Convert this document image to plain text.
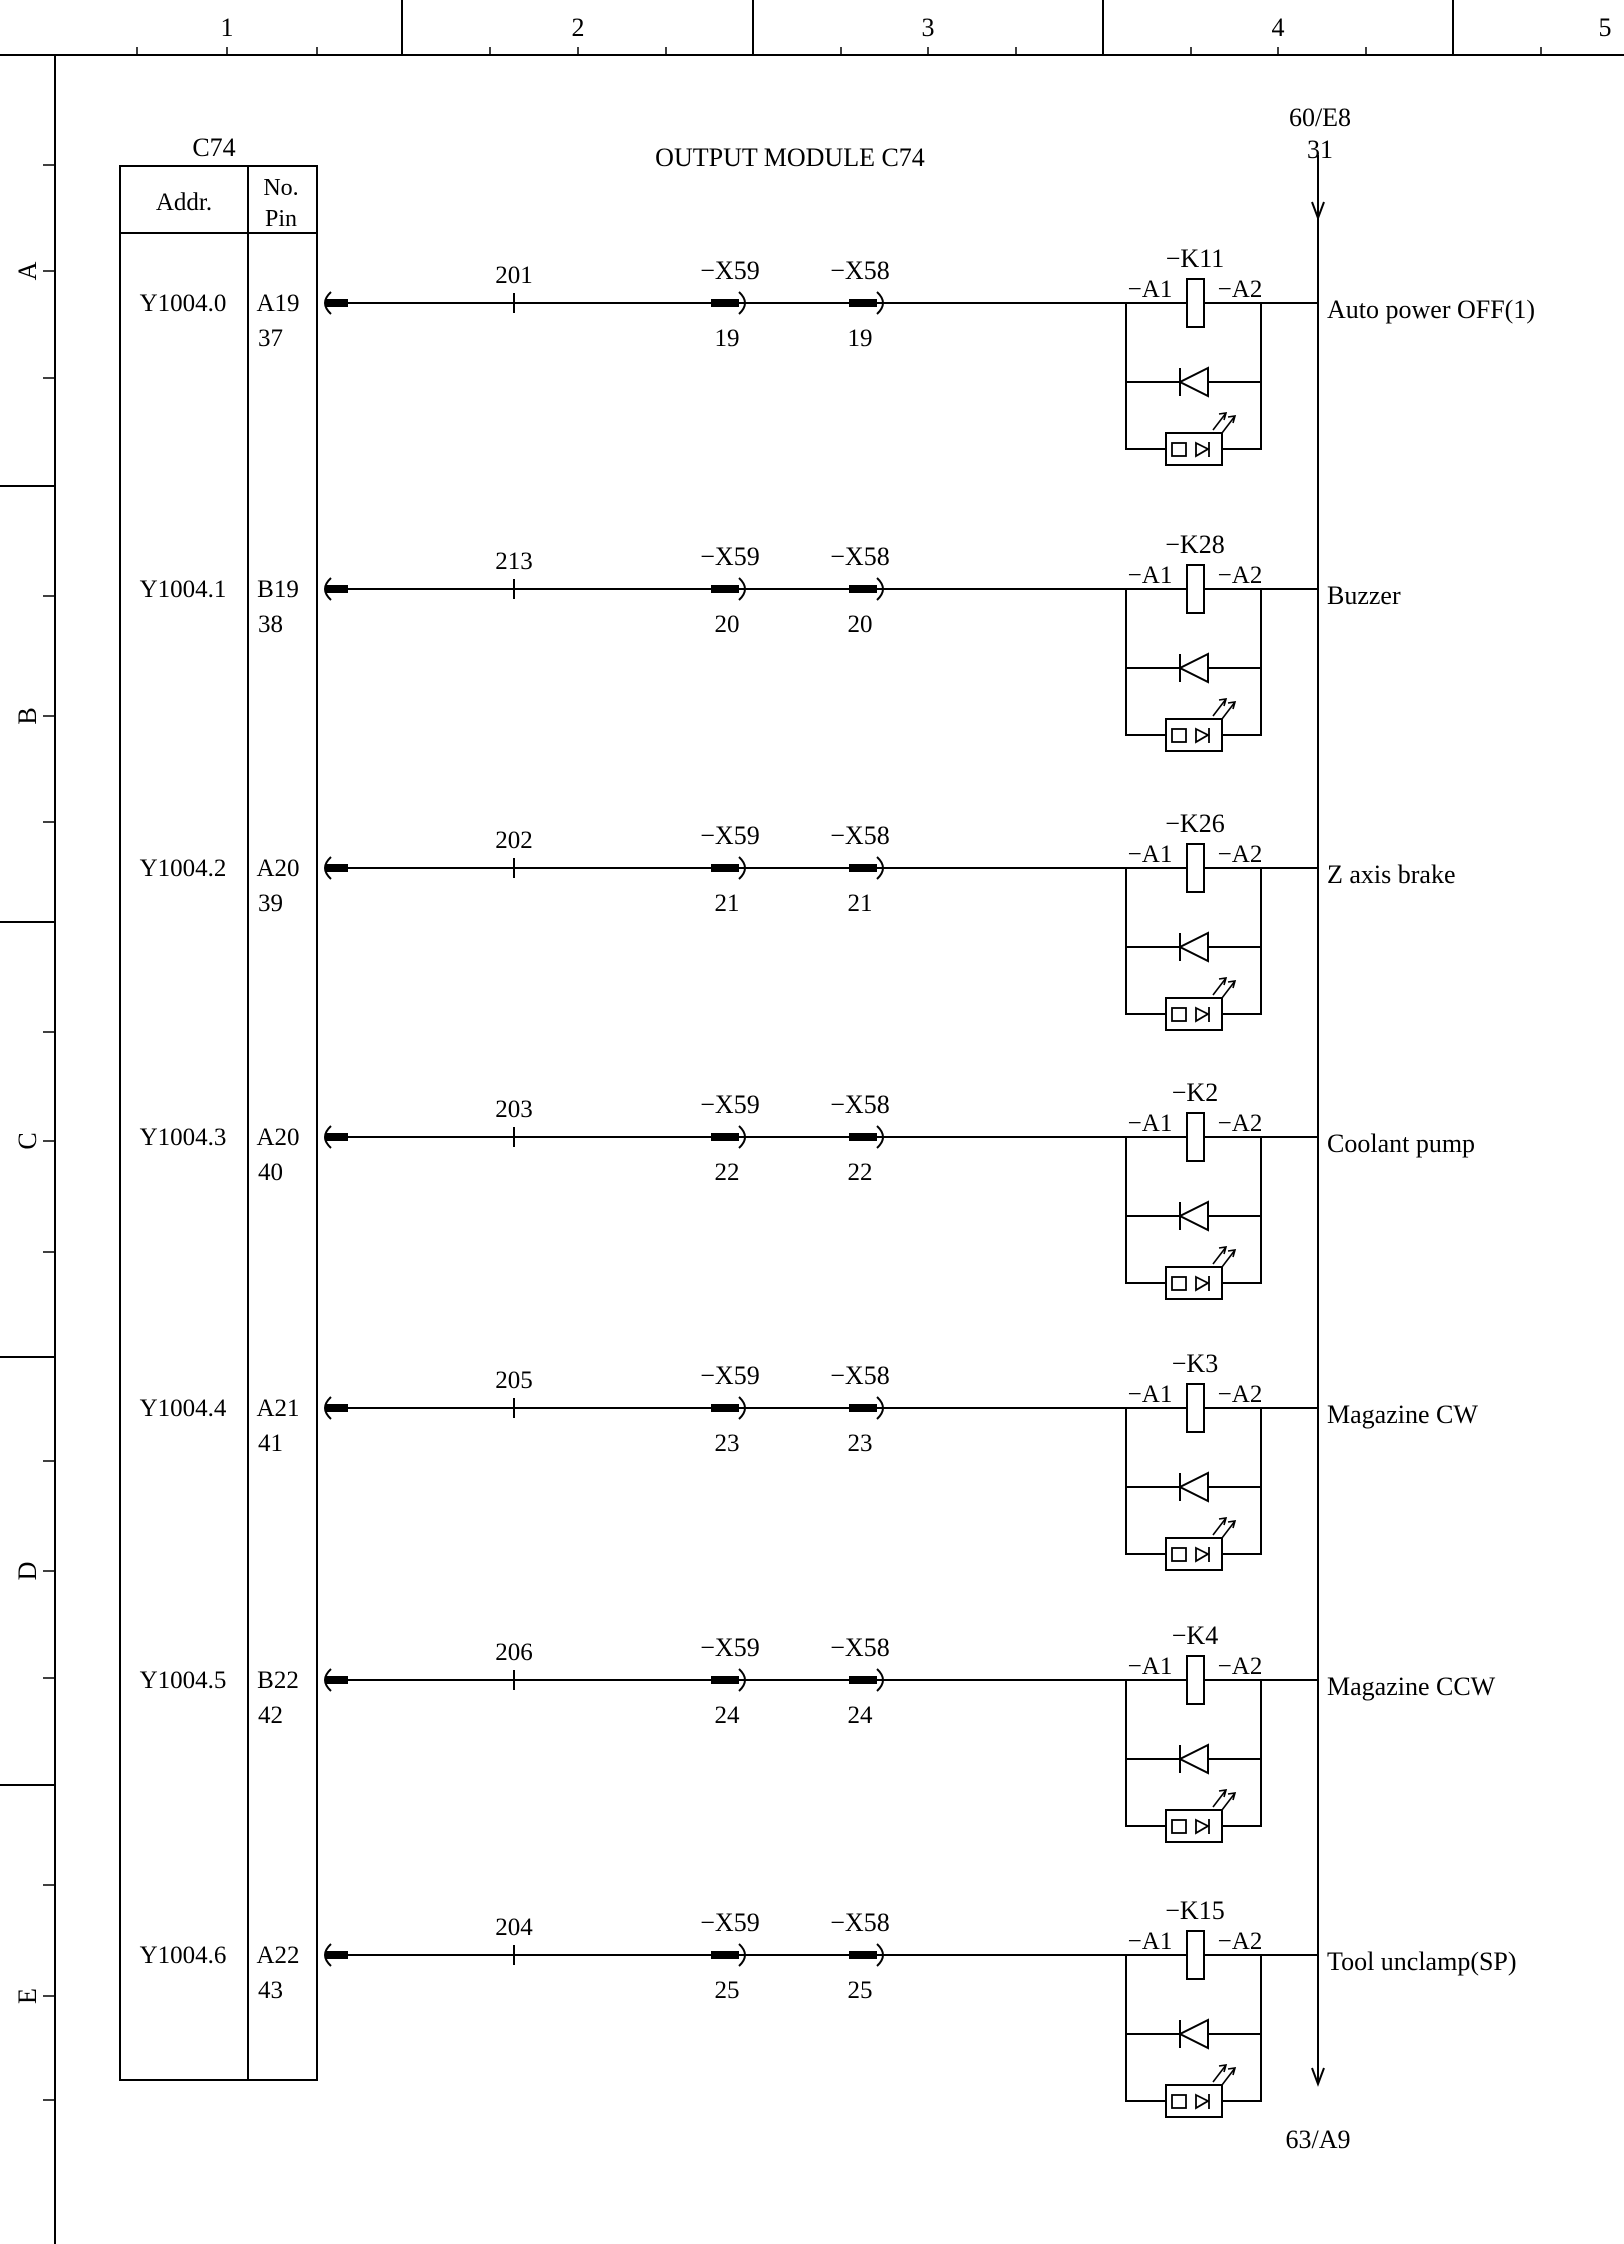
1	2	3	4	5
A
B
C
D
E
OUTPUT MODULE C74
C74
Addr.
No.
Pin
60/E8
31
63/A9
Y1004.0 A19
37
201	−X59
19
−X58
19
−K11
−A1 −A2
Auto power OFF(1)
Y1004.1 B19
38
213	−X59
20
−X58
20
−K28
−A1 −A2
Buzzer
Y1004.2 A20
39
202	−X59
21
−X58
21
−K26
−A1 −A2
Z axis brake
Y1004.3 A20
40
203	−X59
22
−X58
22
−K2
−A1 −A2
Coolant pump
Y1004.4 A21
41
205	−X59
23
−X58
23
−K3
−A1 −A2
Magazine CW
Y1004.5 B22
42
206	−X59
24
−X58
24
−K4
−A1 −A2
Magazine CCW
Y1004.6 A22
43
204	−X59
25
−X58
25
−K15
−A1 −A2
Tool unclamp(SP)
